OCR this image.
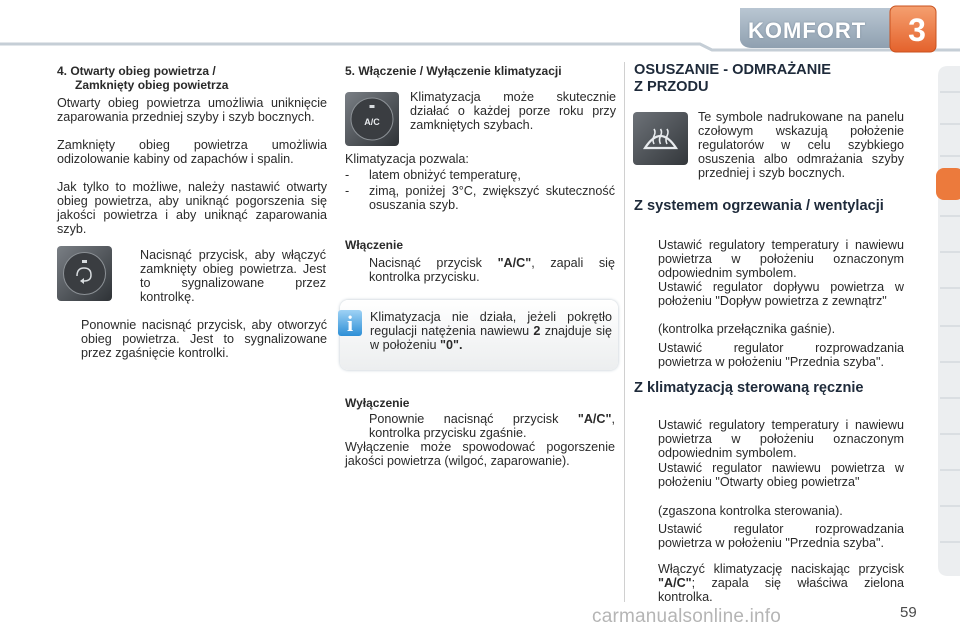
KOMFORT	3
4. Otwarty obieg powietrza /
Zamknięty obieg powietrza

Otwarty obieg powietrza umożliwia uniknięcie zaparowania przedniej szyby i szyb bocznych.

Zamknięty obieg powietrza umożliwia odizolowanie kabiny od zapachów i spalin.

Jak tylko to możliwe, należy nastawić otwarty obieg powietrza, aby uniknąć pogorszenia się jakości powietrza i aby uniknąć zaparowania szyb.

Nacisnąć przycisk, aby włączyć zamknięty obieg powietrza. Jest to sygnalizowane przez kontrolkę.
Ponownie nacisnąć przycisk, aby otworzyć obieg powietrza. Jest to sygnalizowane przez zgaśnięcie kontrolki.
5. Włączenie / Wyłączenie klimatyzacji
A/C

Klimatyzacja może skutecznie działać o każdej porze roku przy zamkniętych szybach.

Klimatyzacja pozwala:

- latem obniżyć temperaturę,
- zimą, poniżej 3°C, zwiększyć skuteczność osuszania szyb.
Włączenie
Nacisnąć przycisk "A/C", zapali się kontrolka przycisku.
i Klimatyzacja nie działa, jeżeli pokrętło regulacji natężenia nawiewu 2 znajduje się w położeniu "0".

Wyłączenie
Ponownie nacisnąć przycisk "A/C", kontrolka przycisku zgaśnie.

Wyłączenie może spowodować pogorszenie jakości powietrza (wilgoć, zaparowanie).

OSUSZANIE - ODMRAŻANIE
Z PRZODU

Te symbole nadrukowane na panelu czołowym wskazują położenie regulatorów w celu szybkiego osuszenia albo odmrażania szyby przedniej i szyb bocznych.

Z systemem ogrzewania / wentylacji
Ustawić regulatory temperatury i nawiewu powietrza w położeniu oznaczonym odpowiednim symbolem.
Ustawić regulator dopływu powietrza w położeniu "Dopływ powietrza z zewnątrz"

(kontrolka przełącznika gaśnie).

Ustawić regulator rozprowadzania powietrza w położeniu "Przednia szyba".
Z klimatyzacją sterowaną ręcznie
Ustawić regulatory temperatury i nawiewu powietrza w położeniu oznaczonym odpowiednim symbolem.
Ustawić regulator nawiewu powietrza w położeniu "Otwarty obieg powietrza"

(zgaszona kontrolka sterowania).

Ustawić regulator rozprowadzania powietrza w położeniu "Przednia szyba".
Włączyć klimatyzację naciskając przycisk "A/C"; zapala się właściwa zielona kontrolka.
59
carmanualsonline.info
